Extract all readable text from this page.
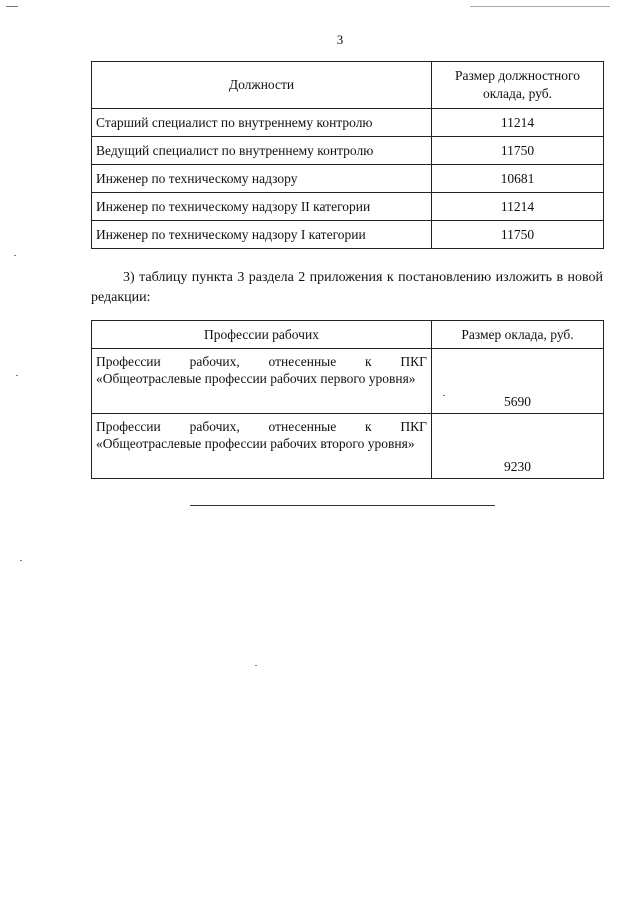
3
Должности	Размер должностного оклада, руб.
Старший специалист по внутреннему контролю	11214
Ведущий специалист по внутреннему контролю	11750
Инженер по техническому надзору	10681
Инженер по техническому надзору II категории	11214
Инженер по техническому надзору I категории	11750
3) таблицу пункта 3 раздела 2 приложения к постановлению изложить в новой редакции:
Профессии рабочих	Размер оклада, руб.
Профессии рабочих, отнесенные к ПКГ «Общеотраслевые профессии рабочих первого уровня»	5690
Профессии рабочих, отнесенные к ПКГ «Общеотраслевые профессии рабочих второго уровня»	9230
